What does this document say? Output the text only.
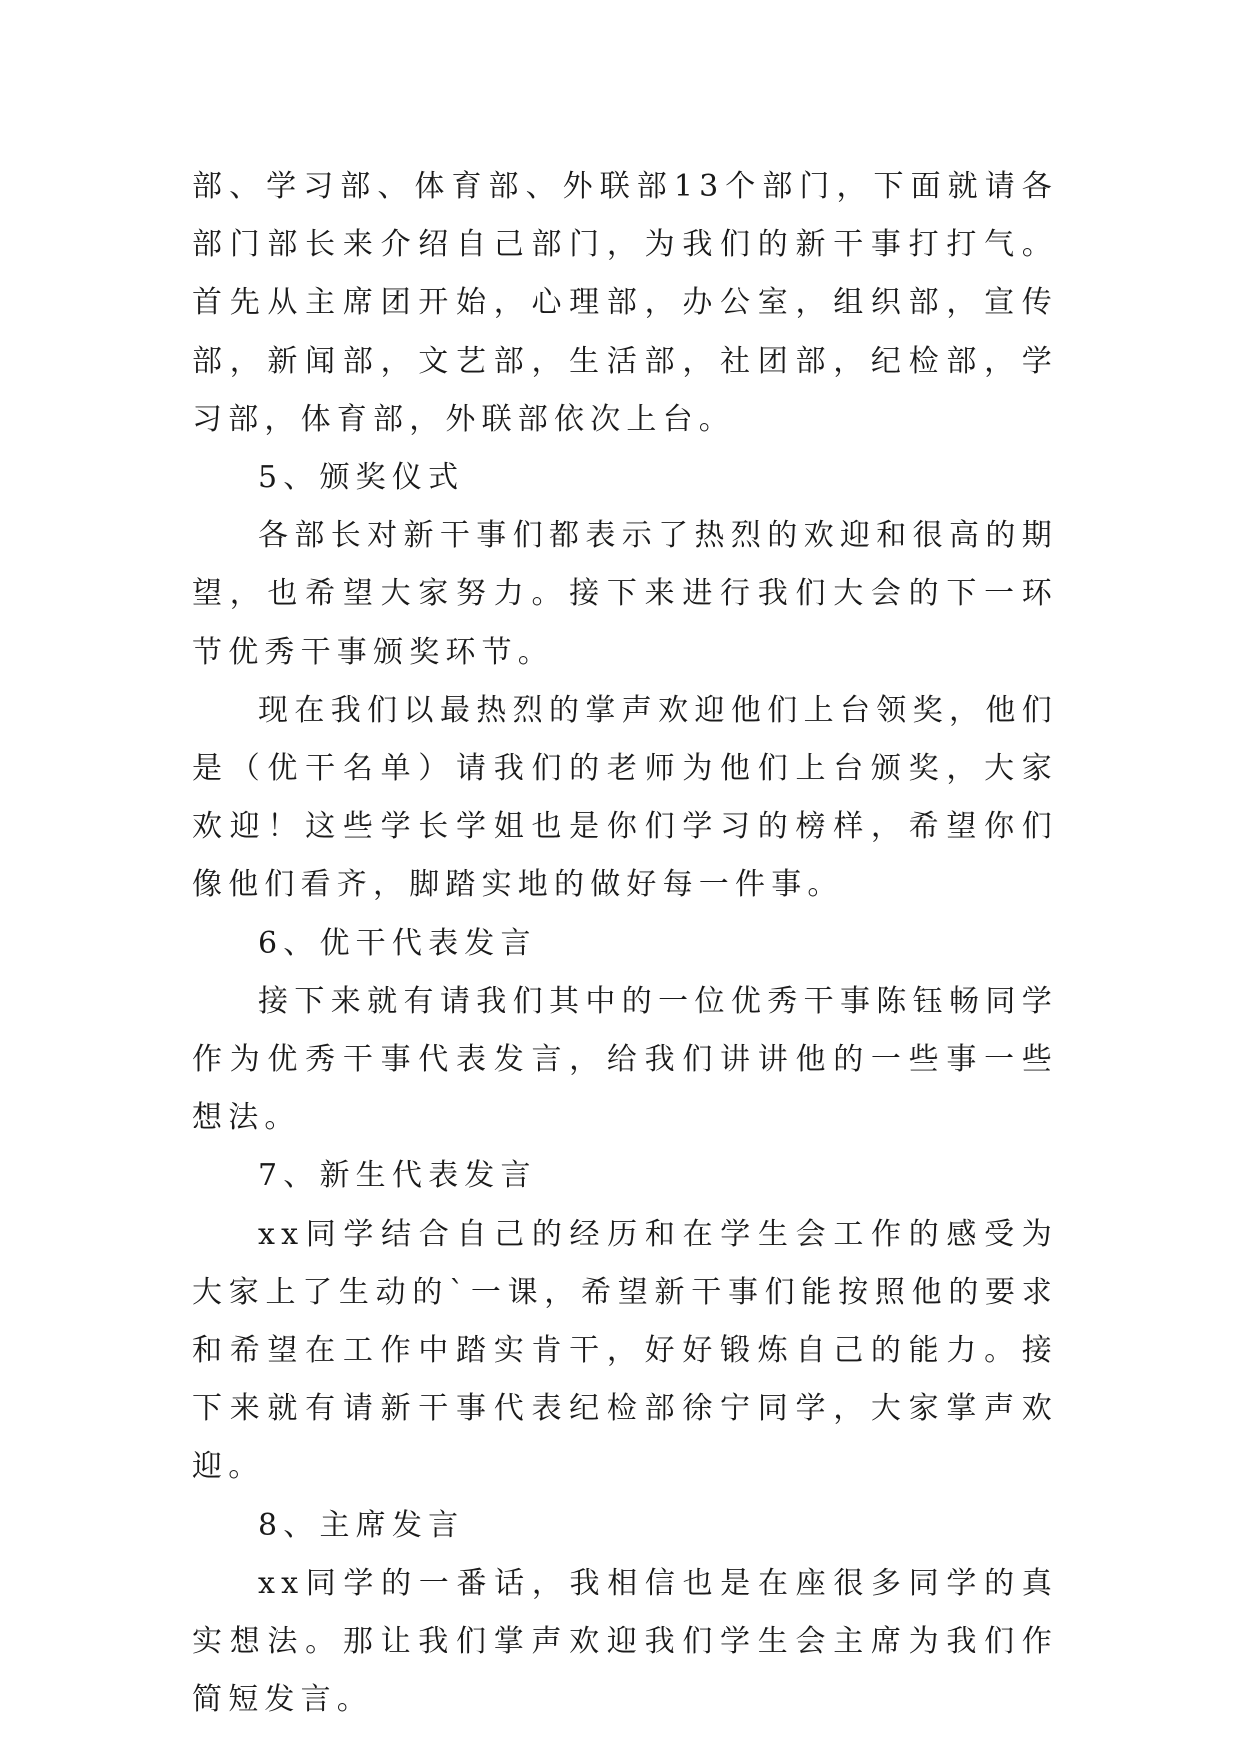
部、学习部、体育部、外联部13个部门，下面就请各部门部长来介绍自己部门，为我们的新干事打打气。首先从主席团开始，心理部，办公室，组织部，宣传部，新闻部，文艺部，生活部，社团部，纪检部，学习部，体育部，外联部依次上台。

5、颁奖仪式

各部长对新干事们都表示了热烈的欢迎和很高的期望，也希望大家努力。接下来进行我们大会的下一环节优秀干事颁奖环节。

现在我们以最热烈的掌声欢迎他们上台领奖，他们是（优干名单）请我们的老师为他们上台颁奖，大家欢迎！这些学长学姐也是你们学习的榜样，希望你们像他们看齐，脚踏实地的做好每一件事。

6、优干代表发言

接下来就有请我们其中的一位优秀干事陈钰畅同学作为优秀干事代表发言，给我们讲讲他的一些事一些想法。

7、新生代表发言

xx同学结合自己的经历和在学生会工作的感受为大家上了生动的`一课，希望新干事们能按照他的要求和希望在工作中踏实肯干，好好锻炼自己的能力。接下来就有请新干事代表纪检部徐宁同学，大家掌声欢迎。

8、主席发言

xx同学的一番话，我相信也是在座很多同学的真实想法。那让我们掌声欢迎我们学生会主席为我们作简短发言。
